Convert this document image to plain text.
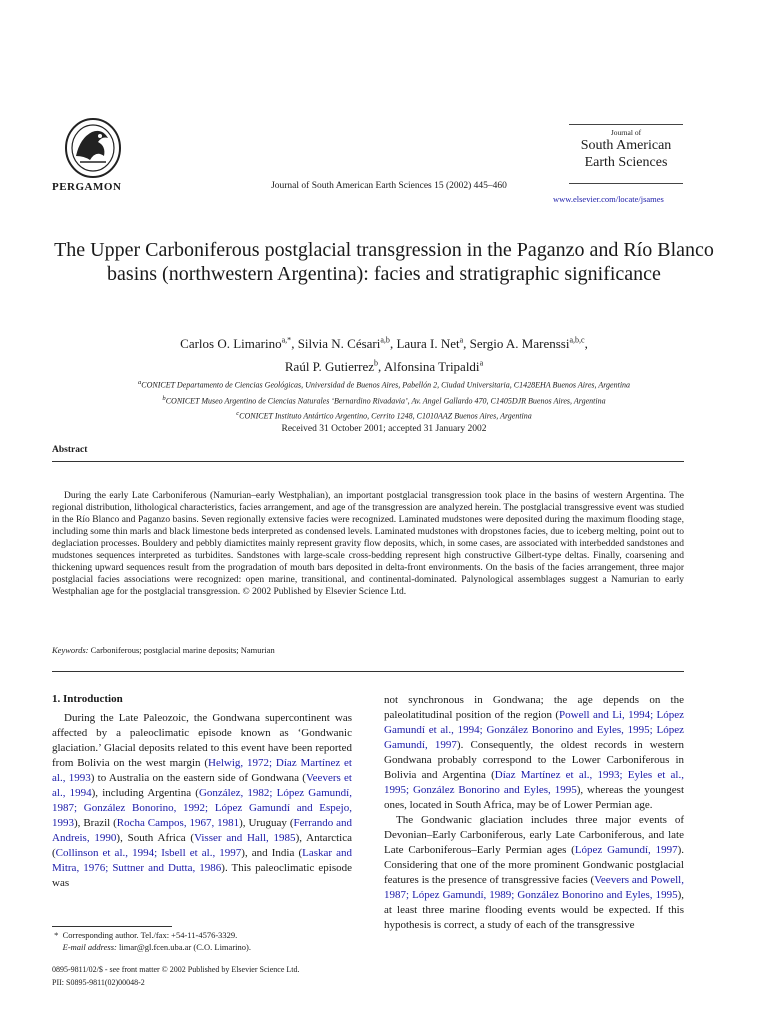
PERGAMON	Journal of South American Earth Sciences 15 (2002) 445–460
Journal of
South American
Earth Sciences
www.elsevier.com/locate/jsames
The Upper Carboniferous postglacial transgression in the Paganzo and Río Blanco basins (northwestern Argentina): facies and stratigraphic significance
Carlos O. Limarino$^{a,*}$, Silvia N. Césari$^{a,b}$, Laura I. Net$^a$, Sergio A. Marenssi$^{a,b,c}$,
Raúl P. Gutierrez$^b$, Alfonsina Tripaldi$^a$
$^a$CONICET Departamento de Ciencias Geológicas, Universidad de Buenos Aires, Pabellón 2, Ciudad Universitaria, C1428EHA Buenos Aires, Argentina
$^b$CONICET Museo Argentino de Ciencias Naturales ‘Bernardino Rivadavia’, Av. Angel Gallardo 470, C1405DJR Buenos Aires, Argentina
$^c$CONICET Instituto Antártico Argentino, Cerrito 1248, C1010AAZ Buenos Aires, Argentina
Received 31 October 2001; accepted 31 January 2002
Abstract
During the early Late Carboniferous (Namurian–early Westphalian), an important postglacial transgression took place in the basins of western Argentina. The regional distribution, lithological characteristics, facies arrangement, and age of the transgression are analyzed herein. The postglacial transgressive event was studied in the Río Blanco and Paganzo basins. Seven regionally extensive facies were recognized. Laminated mudstones were deposited during the maximum flooding stage, including some thin marls and black limestone beds interpreted as condensed levels. Laminated mudstones with dropstones facies, due to iceberg melting, point out to deglaciation processes. Bouldery and pebbly diamictites mainly represent gravity flow deposits, which, in some cases, are associated with interbedded sandstones and mudstones sequences interpreted as turbidites. Sandstones with large-scale cross-bedding represent high constructive Gilbert-type deltas. Finally, coarsening and thickening upward sequences result from the progradation of mouth bars deposited in delta-front environments. On the basis of the facies arrangement, three major postglacial facies associations were recognized: open marine, transitional, and continental-dominated. Palynological assemblages suggest a Namurian to early Westphalian age for the postglacial transgression. © 2002 Published by Elsevier Science Ltd.
Keywords: Carboniferous; postglacial marine deposits; Namurian
1. Introduction

During the Late Paleozoic, the Gondwana supercontinent was affected by a paleoclimatic episode known as ‘Gondwanic glaciation.’ Glacial deposits related to this event have been reported from Bolivia on the west margin (Helwig, 1972; Díaz Martínez et al., 1993) to Australia on the eastern side of Gondwana (Veevers et al., 1994), including Argentina (González, 1982; López Gamundí, 1987; González Bonorino, 1992; López Gamundí and Espejo, 1993), Brazil (Rocha Campos, 1967, 1981), Uruguay (Ferrando and Andreis, 1990), South Africa (Visser and Hall, 1985), Antarctica (Collinson et al., 1994; Isbell et al., 1997), and India (Laskar and Mitra, 1976; Suttner and Dutta, 1986). This paleoclimatic episode was

not synchronous in Gondwana; the age depends on the paleolatitudinal position of the region (Powell and Li, 1994; López Gamundí et al., 1994; González Bonorino and Eyles, 1995; López Gamundí, 1997). Consequently, the oldest records in western Gondwana probably correspond to the Lower Carboniferous in Bolivia and Argentina (Díaz Martínez et al., 1993; Eyles et al., 1995; González Bonorino and Eyles, 1995), whereas the youngest ones, located in South Africa, may be of Lower Permian age.

The Gondwanic glaciation includes three major events of Devonian–Early Carboniferous, early Late Carboniferous, and late Late Carboniferous–Early Permian ages (López Gamundí, 1997). Considering that one of the more prominent Gondwanic postglacial features is the presence of transgressive facies (Veevers and Powell, 1987; López Gamundí, 1989; González Bonorino and Eyles, 1995), at least three marine flooding events would be expected. If this hypothesis is correct, a study of each of the transgressive

* Corresponding author. Tel./fax: +54-11-4576-3329.
E-mail address: limar@gl.fcen.uba.ar (C.O. Limarino).
0895-9811/02/$ - see front matter © 2002 Published by Elsevier Science Ltd.
PII: S0895-9811(02)00048-2
